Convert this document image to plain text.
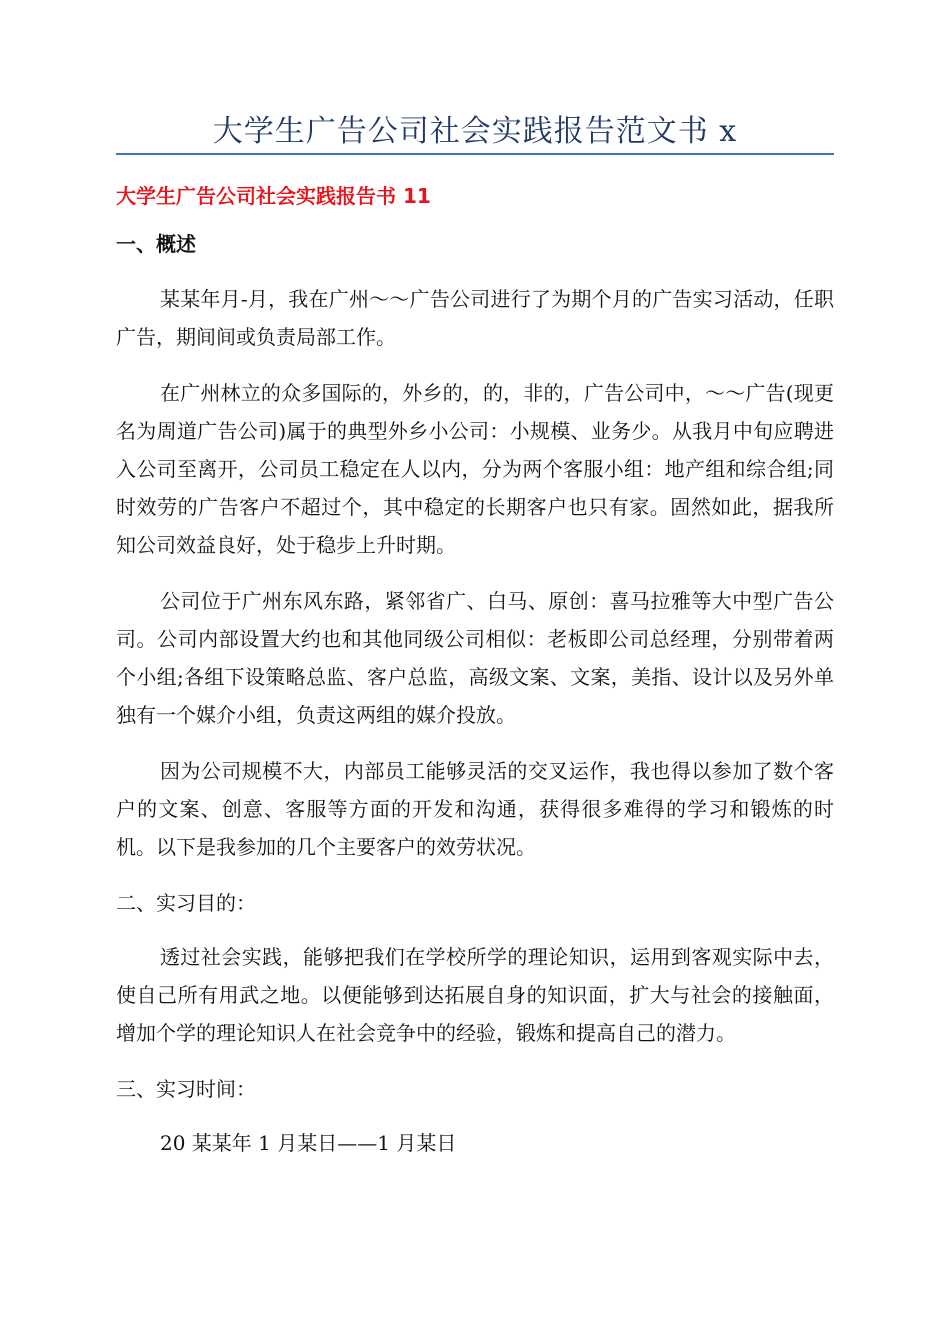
大学生广告公司社会实践报告范文书 x
大学生广告公司社会实践报告书 11
一、概述

某某年月-月，我在广州～～广告公司进行了为期个月的广告实习活动，任职广告，期间间或负责局部工作。

在广州林立的众多国际的，外乡的，的，非的，广告公司中，～～广告(现更名为周道广告公司)属于的典型外乡小公司：小规模、业务少。从我月中旬应聘进入公司至离开，公司员工稳定在人以内，分为两个客服小组：地产组和综合组;同时效劳的广告客户不超过个，其中稳定的长期客户也只有家。固然如此，据我所知公司效益良好，处于稳步上升时期。

公司位于广州东风东路，紧邻省广、白马、原创：喜马拉雅等大中型广告公司。公司内部设置大约也和其他同级公司相似：老板即公司总经理，分别带着两个小组;各组下设策略总监、客户总监，高级文案、文案，美指、设计以及另外单独有一个媒介小组，负责这两组的媒介投放。

因为公司规模不大，内部员工能够灵活的交叉运作，我也得以参加了数个客户的文案、创意、客服等方面的开发和沟通，获得很多难得的学习和锻炼的时机。以下是我参加的几个主要客户的效劳状况。

二、实习目的：

透过社会实践，能够把我们在学校所学的理论知识，运用到客观实际中去，使自己所有用武之地。以便能够到达拓展自身的知识面，扩大与社会的接触面，增加个学的理论知识人在社会竞争中的经验，锻炼和提高自己的潜力。

三、实习时间：

20 某某年 1 月某日——1 月某日
